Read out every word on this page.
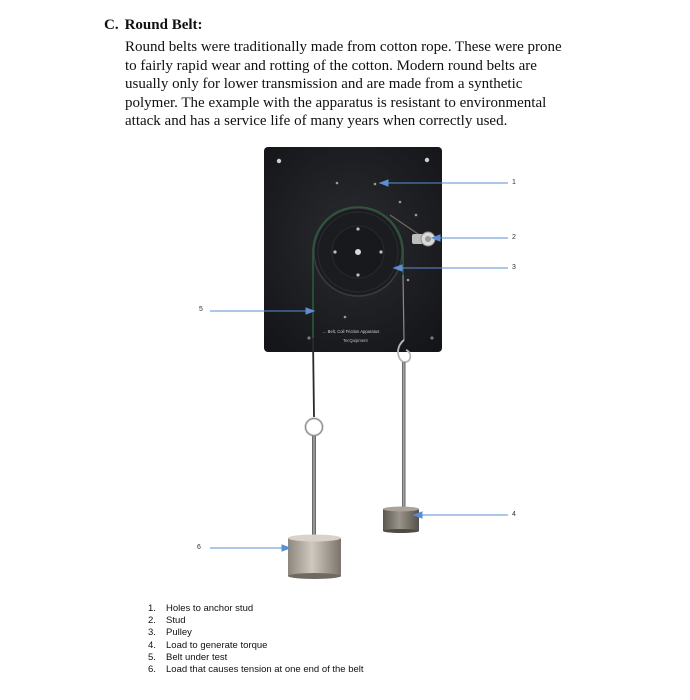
C. Round Belt:
Round belts were traditionally made from cotton rope. These were prone
to fairly rapid wear and rotting of the cotton. Modern round belts are
usually only for lower transmission and are made from a synthetic
polymer. The example with the apparatus is resistant to environmental
attack and has a service life of many years when correctly used.
... Belt, Coil Friction Apparatus
TecQuipment
1
2
3
4
5
6
1. Holes to anchor stud
2. Stud
3. Pulley
4. Load to generate torque
5. Belt under test
6. Load that causes tension at one end of the belt
